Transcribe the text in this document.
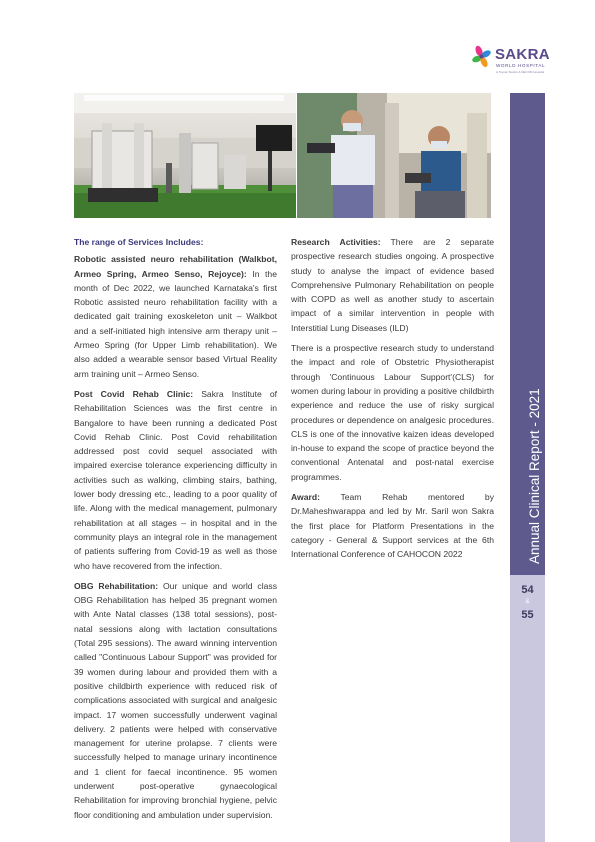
SAKRA
WORLD HOSPITAL
A Toyota Tsusho & SECOM Hospital
Annual Clinical Report - 2021
54
&
55

The range of Services Includes:

Robotic assisted neuro rehabilitation (Walkbot, Armeo Spring, Armeo Senso, Rejoyce): In the month of Dec 2022, we launched Karnataka's first Robotic assisted neuro rehabilitation facility with a dedicated gait training exoskeleton unit – Walkbot and a self-initiated high intensive arm therapy unit – Armeo Spring (for Upper Limb rehabilitation). We also added a wearable sensor based Virtual Reality arm training unit – Armeo Senso.

Post Covid Rehab Clinic: Sakra Institute of Rehabilitation Sciences was the first centre in Bangalore to have been running a dedicated Post Covid Rehab Clinic. Post Covid rehabilitation addressed post covid sequel associated with impaired exercise tolerance experiencing difficulty in activities such as walking, climbing stairs, bathing, lower body dressing etc., leading to a poor quality of life. Along with the medical management, pulmonary rehabilitation at all stages – in hospital and in the community plays an integral role in the management of patients suffering from Covid-19 as well as those who have recovered from the infection.

OBG Rehabilitation: Our unique and world class OBG Rehabilitation has helped 35 pregnant women with Ante Natal classes (138 total sessions), post-natal sessions along with lactation consultations (Total 295 sessions). The award winning intervention called "Continuous Labour Support" was provided for 39 women during labour and provided them with a positive childbirth experience with reduced risk of complications associated with surgical and analgesic impact. 17 women successfully underwent vaginal delivery. 2 patients were helped with conservative management for uterine prolapse. 7 clients were successfully helped to manage urinary incontinence and 1 client for faecal incontinence. 95 women underwent post-operative gynaecological Rehabilitation for improving bronchial hygiene, pelvic floor conditioning and ambulation under supervision.

Research Activities: There are 2 separate prospective research studies ongoing. A prospective study to analyse the impact of evidence based Comprehensive Pulmonary Rehabilitation on people with COPD as well as another study to ascertain impact of a similar intervention in people with Interstitial Lung Diseases (ILD)

There is a prospective research study to understand the impact and role of Obstetric Physiotherapist through 'Continuous Labour Support'(CLS) for women during labour in providing a positive childbirth experience and reduce the use of risky surgical procedures or dependence on analgesic procedures. CLS is one of the innovative kaizen ideas developed in-house to expand the scope of practice beyond the conventional Antenatal and post-natal exercise programmes.

Award: Team Rehab mentored by Dr.Maheshwarappa and led by Mr. Saril won Sakra the first place for Platform Presentations in the category - General & Support services at the 6th International Conference of CAHOCON 2022
